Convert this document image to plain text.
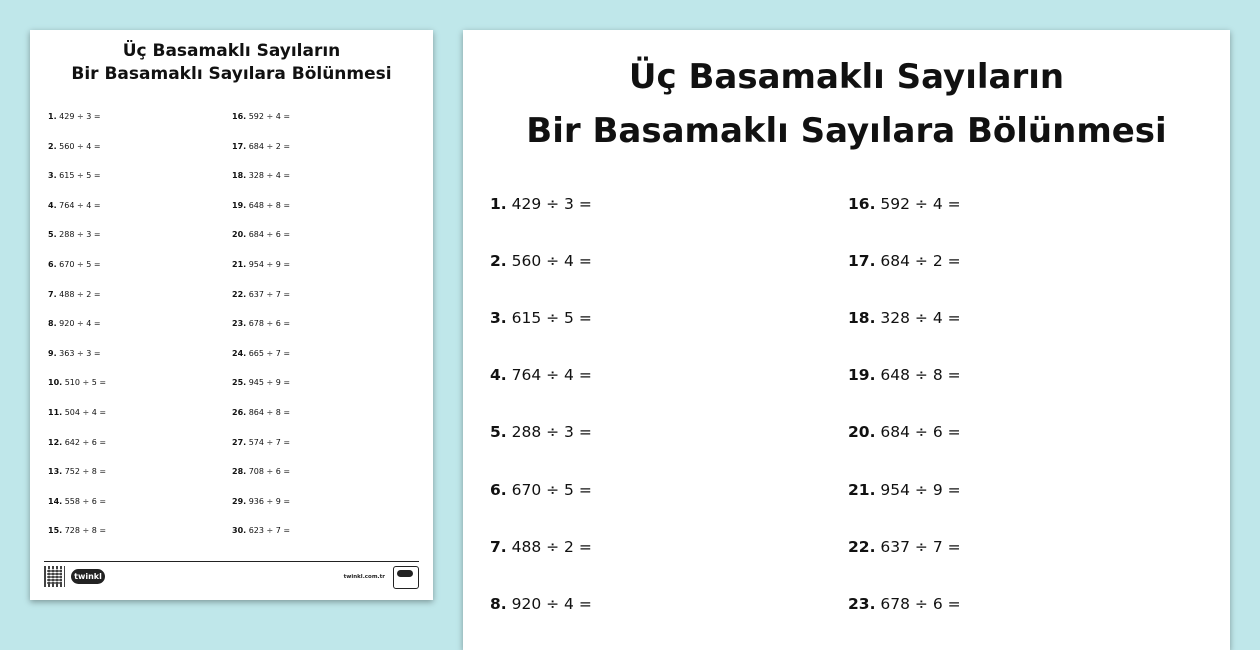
Üç Basamaklı Sayıların
Bir Basamaklı Sayılara Bölünmesi
1. 429 ÷ 3 =
2. 560 ÷ 4 =
3. 615 ÷ 5 =
4. 764 ÷ 4 =
5. 288 ÷ 3 =
6. 670 ÷ 5 =
7. 488 ÷ 2 =
8. 920 ÷ 4 =
9. 363 ÷ 3 =
10. 510 ÷ 5 =
11. 504 ÷ 4 =
12. 642 ÷ 6 =
13. 752 ÷ 8 =
14. 558 ÷ 6 =
15. 728 ÷ 8 =
16. 592 ÷ 4 =
17. 684 ÷ 2 =
18. 328 ÷ 4 =
19. 648 ÷ 8 =
20. 684 ÷ 6 =
21. 954 ÷ 9 =
22. 637 ÷ 7 =
23. 678 ÷ 6 =
24. 665 ÷ 7 =
25. 945 ÷ 9 =
26. 864 ÷ 8 =
27. 574 ÷ 7 =
28. 708 ÷ 6 =
29. 936 ÷ 9 =
30. 623 ÷ 7 =
twinkl	twinkl.com.tr
Üç Basamaklı Sayıların
Bir Basamaklı Sayılara Bölünmesi
1. 429 ÷ 3 =
2. 560 ÷ 4 =
3. 615 ÷ 5 =
4. 764 ÷ 4 =
5. 288 ÷ 3 =
6. 670 ÷ 5 =
7. 488 ÷ 2 =
8. 920 ÷ 4 =
16. 592 ÷ 4 =
17. 684 ÷ 2 =
18. 328 ÷ 4 =
19. 648 ÷ 8 =
20. 684 ÷ 6 =
21. 954 ÷ 9 =
22. 637 ÷ 7 =
23. 678 ÷ 6 =
